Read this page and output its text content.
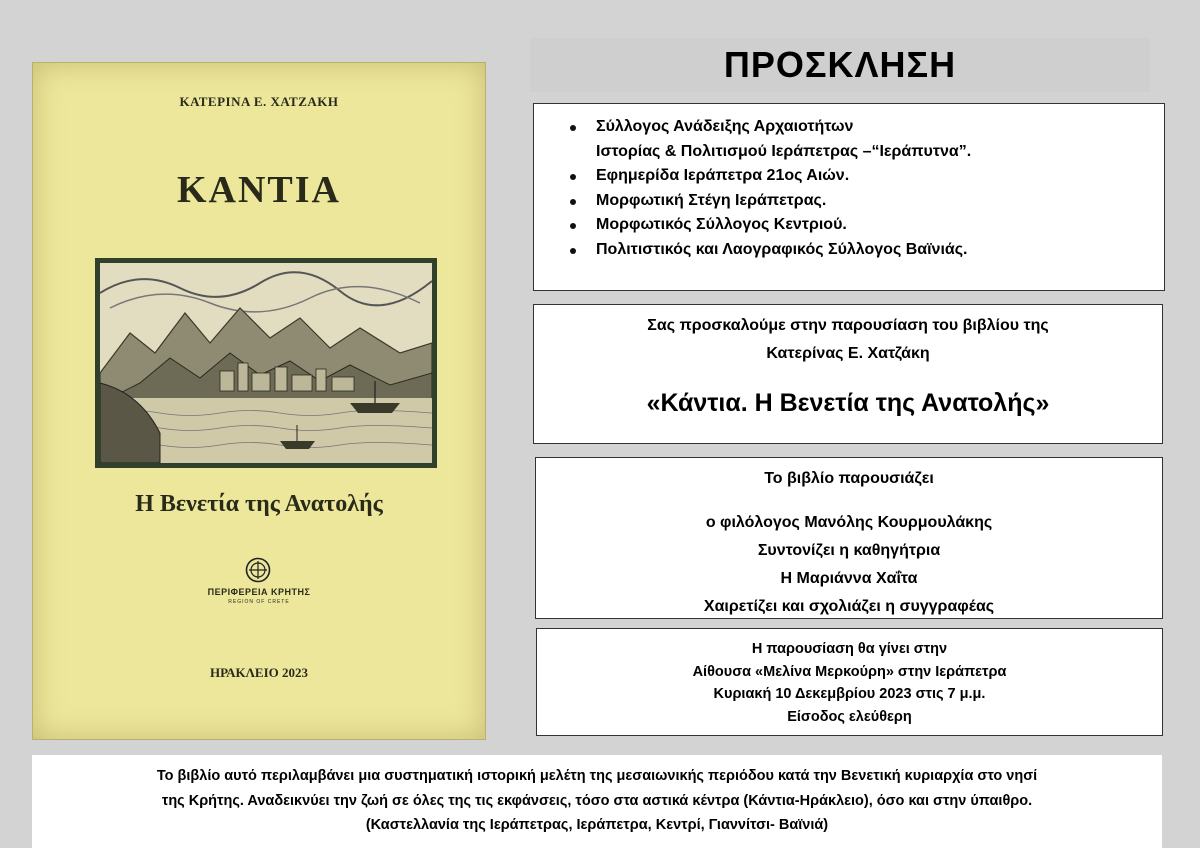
ΚΑΤΕΡΙΝΑ Ε. ΧΑΤΖΑΚΗ
ΚΑΝΤΙΑ
Η Βενετία της Ανατολής
ΠΕΡΙΦΕΡΕΙΑ ΚΡΗΤΗΣ
REGION OF CRETE
ΗΡΑΚΛΕΙΟ 2023
ΠΡΟΣΚΛΗΣΗ
Σύλλογος Ανάδειξης Αρχαιοτήτων
Ιστορίας & Πολιτισμού Ιεράπετρας –“Ιεράπυτνα”.
Εφημερίδα Ιεράπετρα 21ος Αιών.
Μορφωτική Στέγη Ιεράπετρας.
Μορφωτικός Σύλλογος Κεντριού.
Πολιτιστικός και Λαογραφικός Σύλλογος Βαϊνιάς.
Σας προσκαλούμε στην παρουσίαση του βιβλίου της
Κατερίνας Ε. Χατζάκη
«Κάντια. Η Βενετία της Ανατολής»
Το βιβλίο παρουσιάζει
ο φιλόλογος Μανόλης Κουρμουλάκης
Συντονίζει η καθηγήτρια
Η Μαριάννα Χαΐτα
Χαιρετίζει και σχολιάζει η συγγραφέας
Η παρουσίαση θα γίνει στην
Αίθουσα «Μελίνα Μερκούρη» στην Ιεράπετρα
Κυριακή 10 Δεκεμβρίου 2023 στις 7 μ.μ.
Είσοδος ελεύθερη
Το βιβλίο αυτό περιλαμβάνει μια συστηματική ιστορική μελέτη της μεσαιωνικής περιόδου κατά την Βενετική κυριαρχία στο νησί
της Κρήτης. Αναδεικνύει την ζωή σε όλες της τις εκφάνσεις, τόσο στα αστικά κέντρα (Κάντια-Ηράκλειο), όσο και στην ύπαιθρο.
(Καστελλανία της Ιεράπετρας, Ιεράπετρα, Κεντρί, Γιαννίτσι- Βαϊνιά)
